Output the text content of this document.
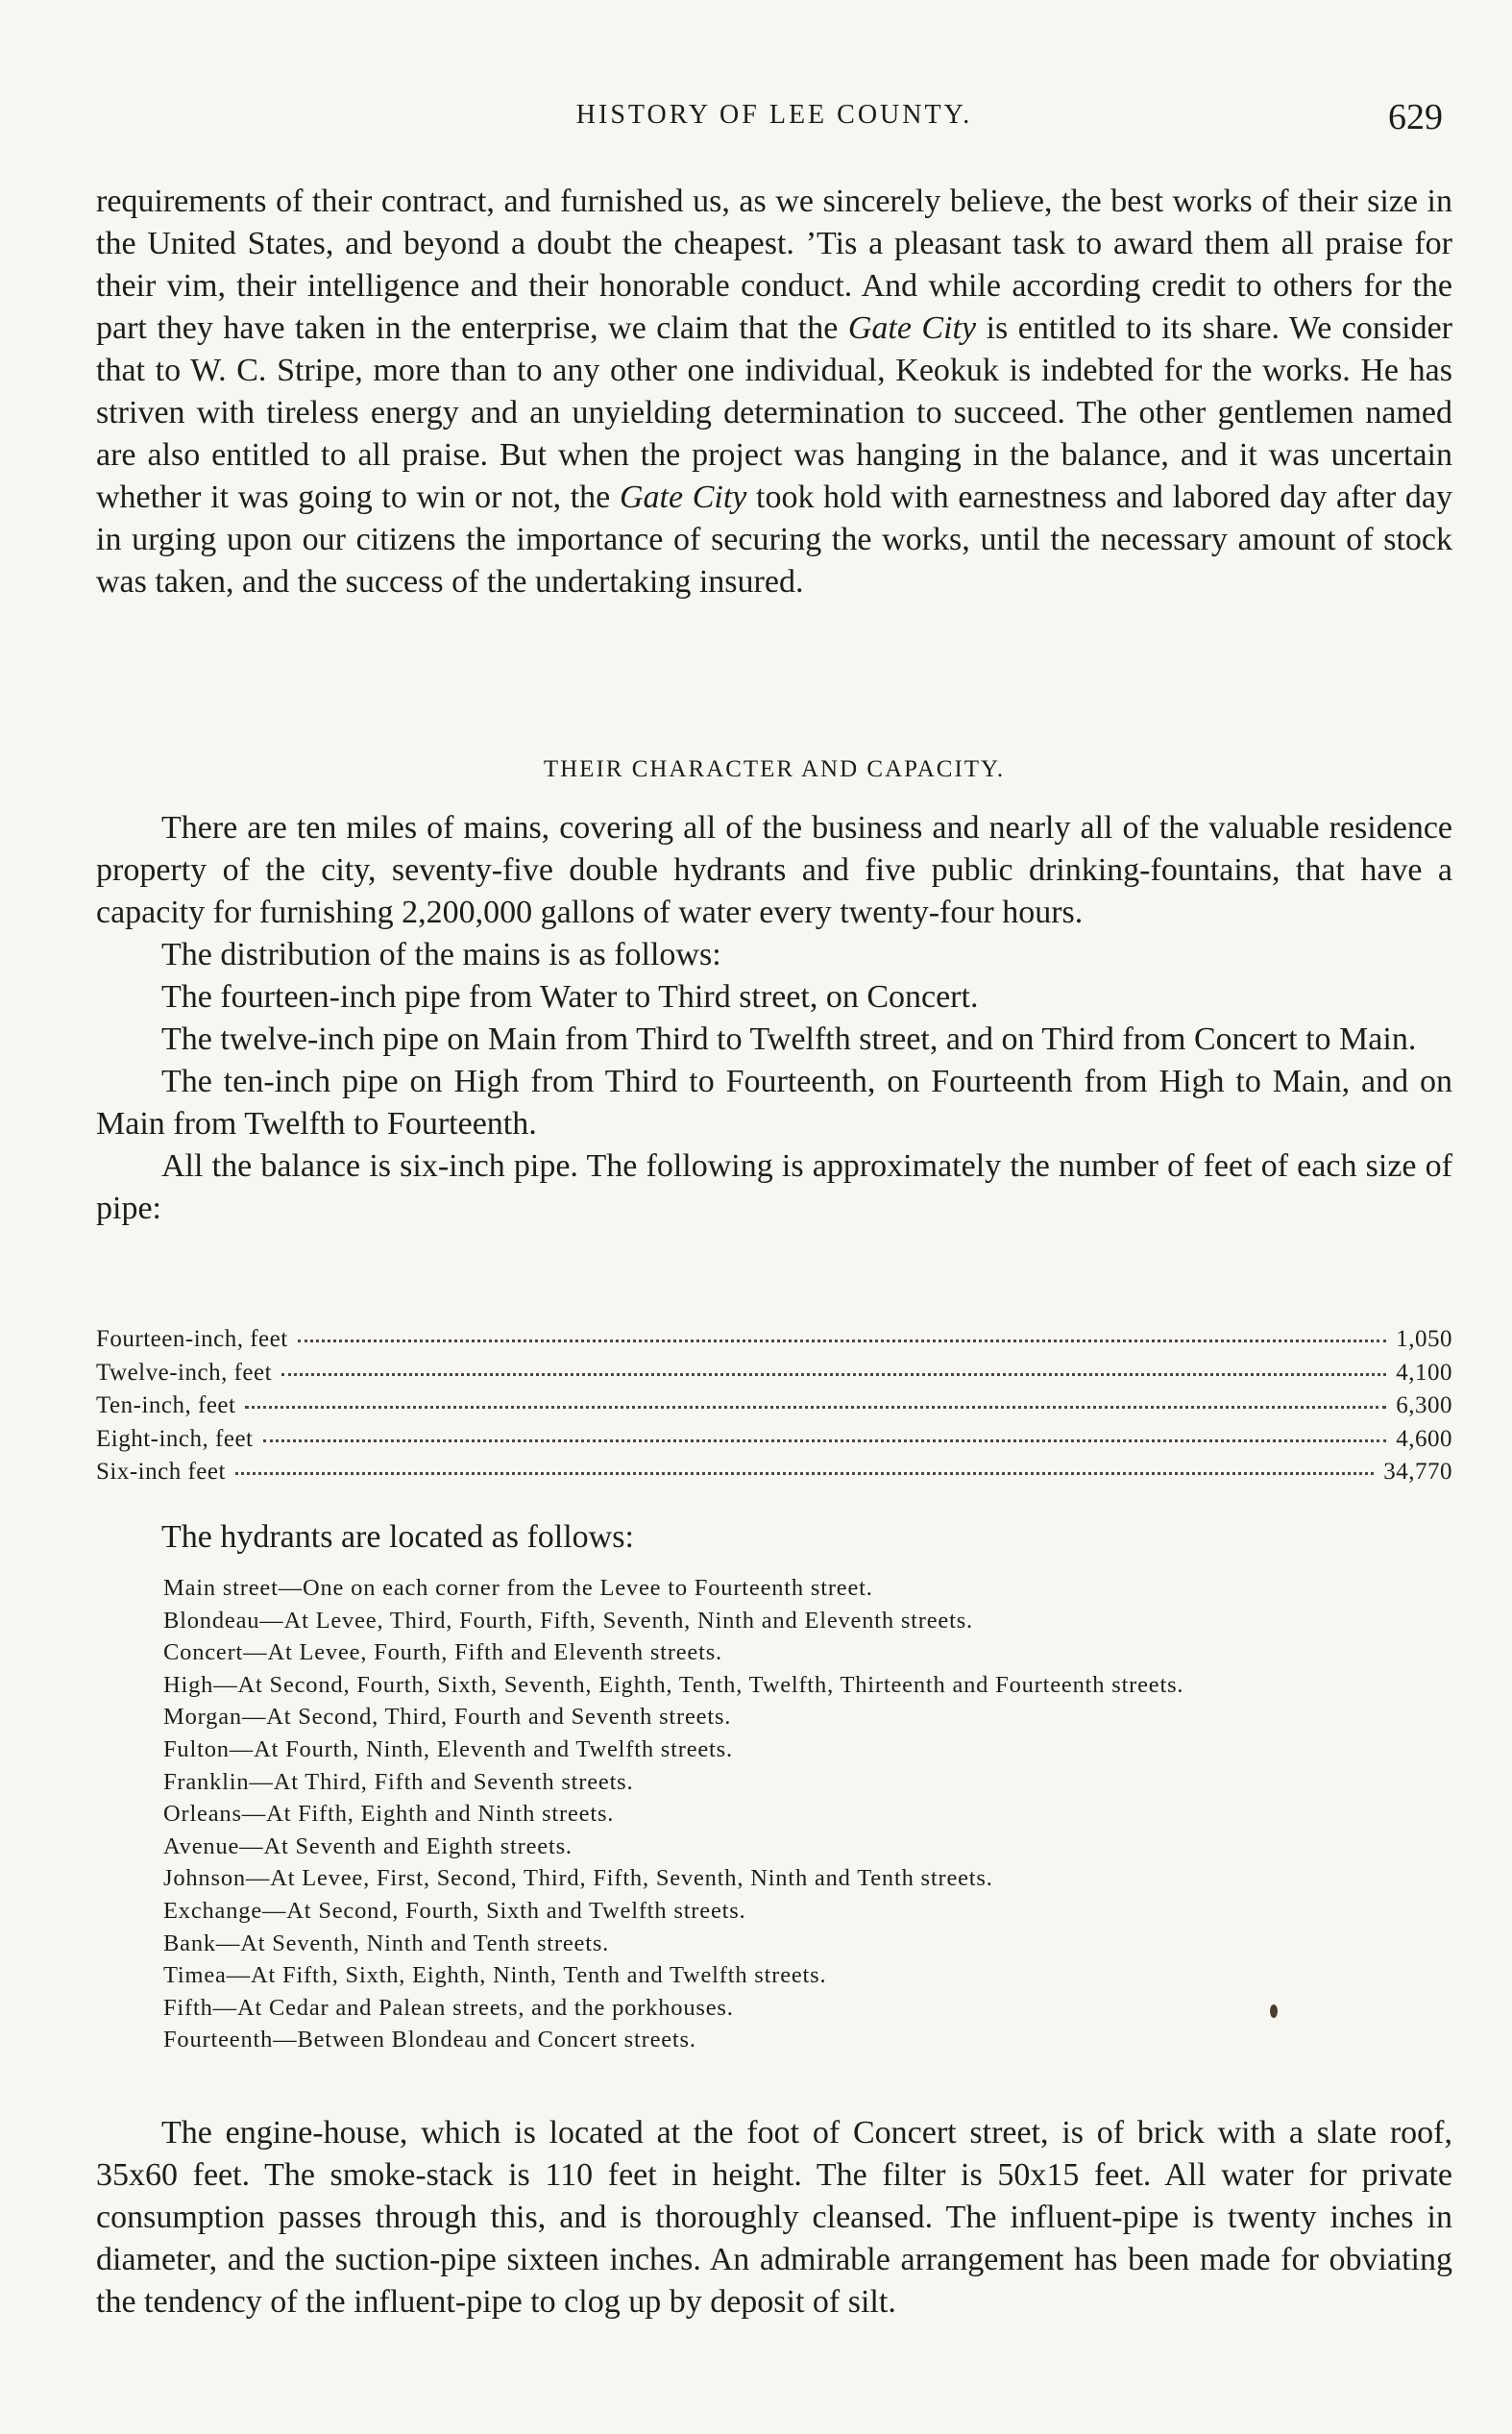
HISTORY OF LEE COUNTY.	629

requirements of their contract, and furnished us, as we sincerely believe, the best works of their size in the United States, and beyond a doubt the cheapest. ’Tis a pleasant task to award them all praise for their vim, their intelligence and their honorable conduct. And while according credit to others for the part they have taken in the enterprise, we claim that the Gate City is entitled to its share. We consider that to W. C. Stripe, more than to any other one individual, Keokuk is indebted for the works. He has striven with tireless energy and an unyielding determination to succeed. The other gentlemen named are also entitled to all praise. But when the project was hanging in the balance, and it was uncertain whether it was going to win or not, the Gate City took hold with earnestness and labored day after day in urging upon our citizens the importance of securing the works, until the necessary amount of stock was taken, and the success of the undertaking insured.

THEIR CHARACTER AND CAPACITY.

There are ten miles of mains, covering all of the business and nearly all of the valuable residence property of the city, seventy-five double hydrants and five public drinking-fountains, that have a capacity for furnishing 2,200,000 gallons of water every twenty-four hours.

The distribution of the mains is as follows:

The fourteen-inch pipe from Water to Third street, on Concert.

The twelve-inch pipe on Main from Third to Twelfth street, and on Third from Concert to Main.

The ten-inch pipe on High from Third to Fourteenth, on Fourteenth from High to Main, and on Main from Twelfth to Fourteenth.

All the balance is six-inch pipe. The following is approximately the number of feet of each size of pipe:

Fourteen-inch, feet	1,050
Twelve-inch, feet	4,100
Ten-inch, feet	6,300
Eight-inch, feet	4,600
Six-inch feet	34,770

The hydrants are located as follows:

Main street—One on each corner from the Levee to Fourteenth street.

Blondeau—At Levee, Third, Fourth, Fifth, Seventh, Ninth and Eleventh streets.

Concert—At Levee, Fourth, Fifth and Eleventh streets.

High—At Second, Fourth, Sixth, Seventh, Eighth, Tenth, Twelfth, Thirteenth and Fourteenth streets.

Morgan—At Second, Third, Fourth and Seventh streets.

Fulton—At Fourth, Ninth, Eleventh and Twelfth streets.

Franklin—At Third, Fifth and Seventh streets.

Orleans—At Fifth, Eighth and Ninth streets.

Avenue—At Seventh and Eighth streets.

Johnson—At Levee, First, Second, Third, Fifth, Seventh, Ninth and Tenth streets.

Exchange—At Second, Fourth, Sixth and Twelfth streets.

Bank—At Seventh, Ninth and Tenth streets.

Timea—At Fifth, Sixth, Eighth, Ninth, Tenth and Twelfth streets.

Fifth—At Cedar and Palean streets, and the porkhouses.

Fourteenth—Between Blondeau and Concert streets.

The engine-house, which is located at the foot of Concert street, is of brick with a slate roof, 35x60 feet. The smoke-stack is 110 feet in height. The filter is 50x15 feet. All water for private consumption passes through this, and is thoroughly cleansed. The influent-pipe is twenty inches in diameter, and the suction-pipe sixteen inches. An admirable arrangement has been made for obviating the tendency of the influent-pipe to clog up by deposit of silt.
